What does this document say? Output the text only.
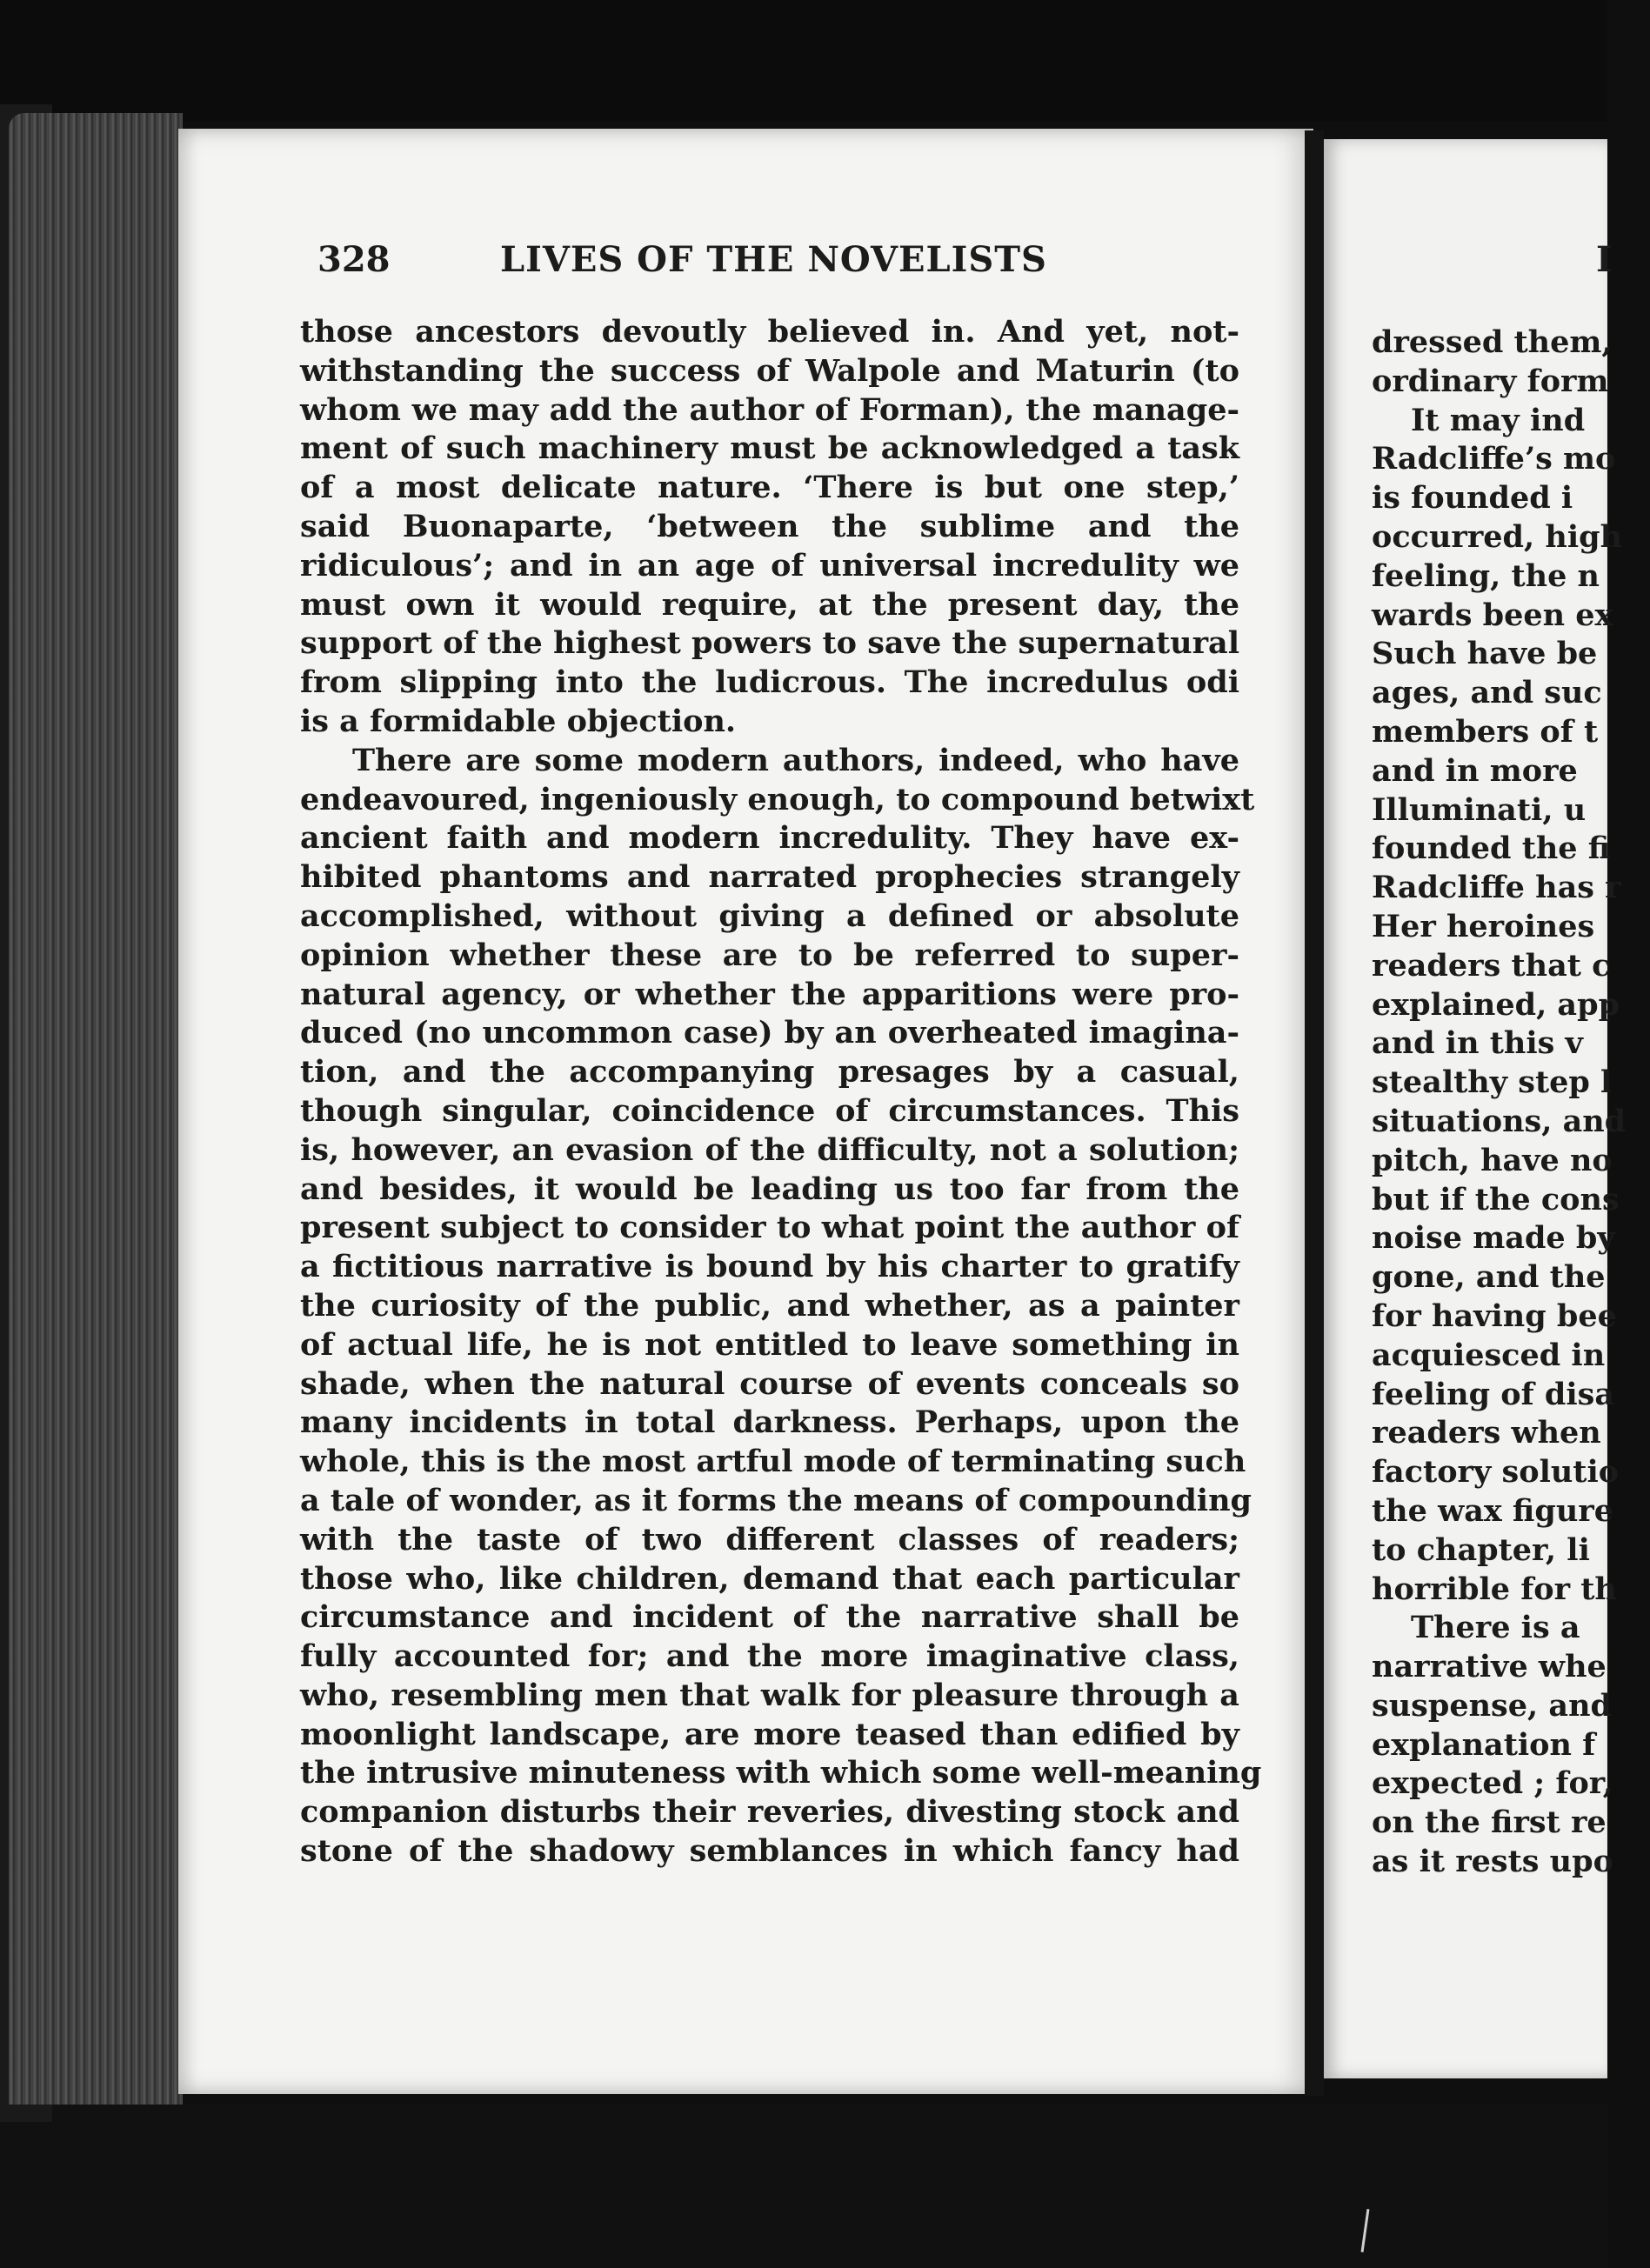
328	LIVES OF THE NOVELISTS	I
those ancestors devoutly believed in. And yet, not-
withstanding the success of Walpole and Maturin (to
whom we may add the author of Forman), the manage-
ment of such machinery must be acknowledged a task
of a most delicate nature. ‘There is but one step,’
said Buonaparte, ‘between the sublime and the
ridiculous’; and in an age of universal incredulity we
must own it would require, at the present day, the
support of the highest powers to save the supernatural
from slipping into the ludicrous. The incredulus odi
is a formidable objection.
There are some modern authors, indeed, who have
endeavoured, ingeniously enough, to compound betwixt
ancient faith and modern incredulity. They have ex-
hibited phantoms and narrated prophecies strangely
accomplished, without giving a defined or absolute
opinion whether these are to be referred to super-
natural agency, or whether the apparitions were pro-
duced (no uncommon case) by an overheated imagina-
tion, and the accompanying presages by a casual,
though singular, coincidence of circumstances. This
is, however, an evasion of the difficulty, not a solution;
and besides, it would be leading us too far from the
present subject to consider to what point the author of
a fictitious narrative is bound by his charter to gratify
the curiosity of the public, and whether, as a painter
of actual life, he is not entitled to leave something in
shade, when the natural course of events conceals so
many incidents in total darkness. Perhaps, upon the
whole, this is the most artful mode of terminating such
a tale of wonder, as it forms the means of compounding
with the taste of two different classes of readers;
those who, like children, demand that each particular
circumstance and incident of the narrative shall be
fully accounted for; and the more imaginative class,
who, resembling men that walk for pleasure through a
moonlight landscape, are more teased than edified by
the intrusive minuteness with which some well-meaning
companion disturbs their reveries, divesting stock and
stone of the shadowy semblances in which fancy had
dressed them,
ordinary form
It may ind
Radcliffe’s mo
is founded i
occurred, high
feeling, the n
wards been ex
Such have be
ages, and suc
members of t
and in more
Illuminati, u
founded the fi
Radcliffe has r
Her heroines
readers that c
explained, app
and in this v
stealthy step l
situations, and
pitch, have no
but if the cons
noise made by
gone, and the
for having bee
acquiesced in
feeling of disa
readers when
factory solutio
the wax figure
to chapter, li
horrible for th
There is a
narrative whe
suspense, and
explanation f
expected ; for,
on the first re
as it rests upo
